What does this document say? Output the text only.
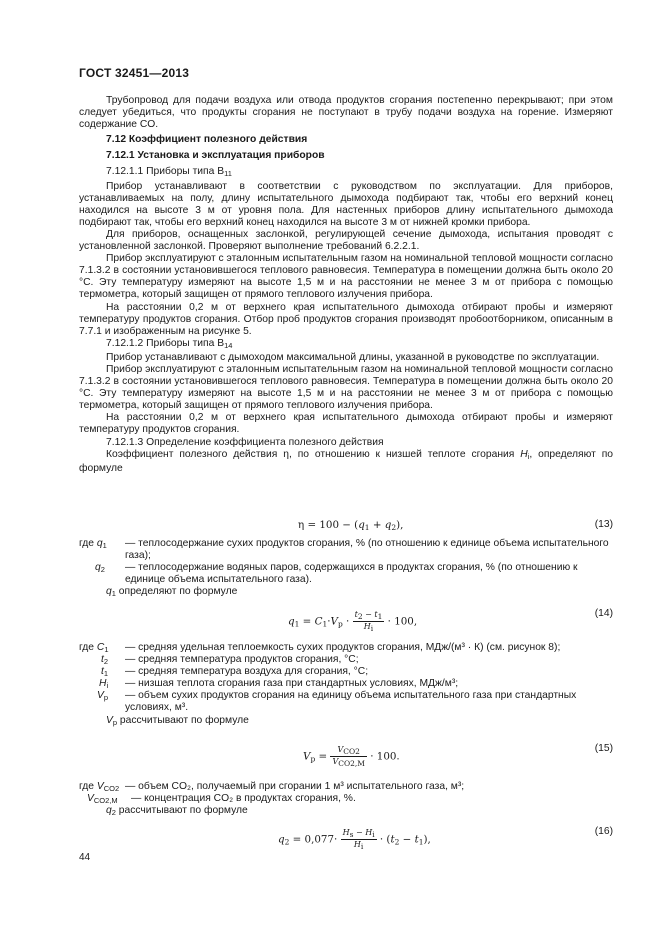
ГОСТ 32451—2013

Трубопровод для подачи воздуха или отвода продуктов сгорания постепенно перекрывают; при этом следует убедиться, что продукты сгорания не поступают в трубу подачи воздуха на горение. Измеряют содержание CO.

7.12 Коэффициент полезного действия

7.12.1 Установка и эксплуатация приборов

7.12.1.1 Приборы типа $B_{11}$

Прибор устанавливают в соответствии с руководством по эксплуатации. Для приборов, устанавливаемых на полу, длину испытательного дымохода подбирают так, чтобы его верхний конец находился на высоте 3 м от уровня пола. Для настенных приборов длину испытательного дымохода подбирают так, чтобы его верхний конец находился на высоте 3 м от нижней кромки прибора.

Для приборов, оснащенных заслонкой, регулирующей сечение дымохода, испытания проводят с установленной заслонкой. Проверяют выполнение требований 6.2.2.1.

Прибор эксплуатируют с эталонным испытательным газом на номинальной тепловой мощности согласно 7.1.3.2 в состоянии установившегося теплового равновесия. Температура в помещении должна быть около 20 °С. Эту температуру измеряют на высоте 1,5 м и на расстоянии не менее 3 м от прибора с помощью термометра, который защищен от прямого теплового излучения прибора.

На расстоянии 0,2 м от верхнего края испытательного дымохода отбирают пробы и измеряют температуру продуктов сгорания. Отбор проб продуктов сгорания производят пробоотборником, описанным в 7.7.1 и изображенным на рисунке 5.

7.12.1.2 Приборы типа $B_{14}$

Прибор устанавливают с дымоходом максимальной длины, указанной в руководстве по эксплуатации.

Прибор эксплуатируют с эталонным испытательным газом на номинальной тепловой мощности согласно 7.1.3.2 в состоянии установившегося теплового равновесия. Температура в помещении должна быть около 20 °С. Эту температуру измеряют на высоте 1,5 м и на расстоянии не менее 3 м от прибора с помощью термометра, который защищен от прямого теплового излучения прибора.

На расстоянии 0,2 м от верхнего края испытательного дымохода отбирают пробы и измеряют температуру продуктов сгорания.

7.12.1.3 Определение коэффициента полезного действия

Коэффициент полезного действия η, по отношению к низшей теплоте сгорания $H_i$, определяют по формуле

$\eta = 100 - (q_1 + q_2)$,	(13)
где $q_1$ — теплосодержание сухих продуктов сгорания, % (по отношению к единице объема испытательного газа);

$q_2$ — теплосодержание водяных паров, содержащихся в продуктах сгорания, % (по отношению к единице объема испытательного газа).

$q_1$ определяют по формуле
$q_1 = C_1\cdot V_p \cdot \frac{t2 - t1}{Hi} \cdot 100$,
(14)
где $C_1$ — средняя удельная теплоемкость сухих продуктов сгорания, МДж/(м³ · К) (см. рисунок 8);

$t_2$ — средняя температура продуктов сгорания, °С;

$t_1$ — средняя температура воздуха для сгорания, °С;

$H_i$ — низшая теплота сгорания газа при стандартных условиях, МДж/м³;

$V_p$ — объем сухих продуктов сгорания на единицу объема испытательного газа при стандартных условиях, м³.

$V_p$ рассчитывают по формуле
$V_p = \frac{\text{VCO2}}{\text{VCO2,M}} \cdot 100$.
(15)
где $V_{CO2}$ — объем CO₂, получаемый при сгорании 1 м³ испытательного газа, м³;

$V_{CO2,M}$ — концентрация CO₂ в продуктах сгорания, %.

$q_2$ рассчитывают по формуле
$q_2 = 0,077\cdot \frac{Hs - Hi}{Hi} \cdot (t_2 - t_1)$,
(16)
44
